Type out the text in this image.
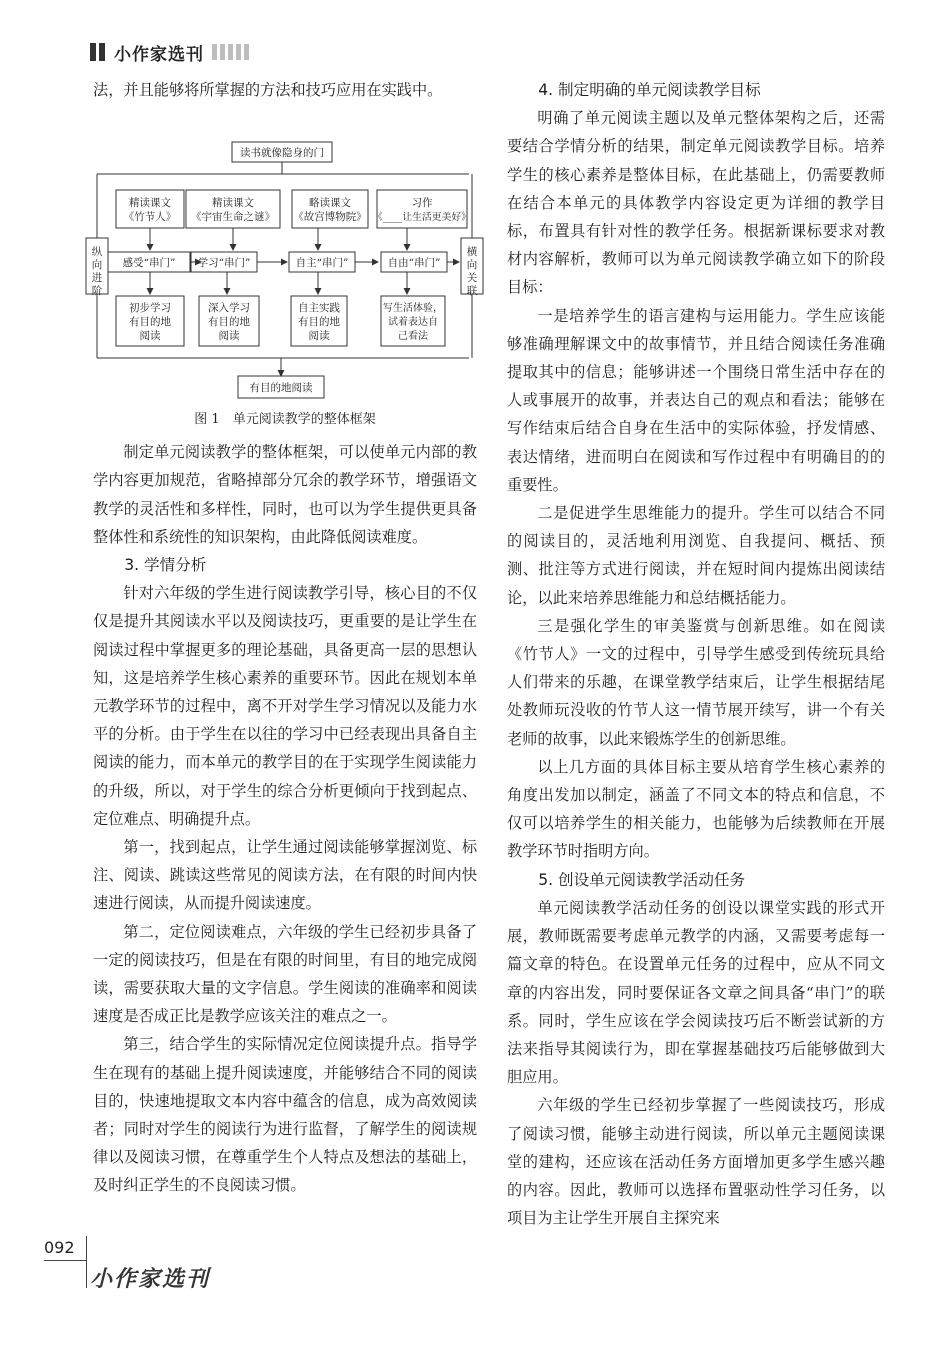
小作家选刊

法，并且能够将所掌握的方法和技巧应用在实践中。

读书就像隐身的门
有目的地阅读
纵
向
进
阶
横
向
关
联
精读课文
《竹节人》
感受“串门”
初步学习
有目的地
阅读
精读课文
《宇宙生命之谜》
学习“串门”
深入学习
有目的地
阅读
略读课文
《故宫博物院》
自主“串门”
自主实践
有目的地
阅读
习作
《____让生活更美好》
自由“串门”
写生活体验，
试着表达自
己看法
图 1　单元阅读教学的整体框架

制定单元阅读教学的整体框架，可以使单元内部的教学内容更加规范，省略掉部分冗余的教学环节，增强语文教学的灵活性和多样性，同时，也可以为学生提供更具备整体性和系统性的知识架构，由此降低阅读难度。

3. 学情分析

针对六年级的学生进行阅读教学引导，核心目的不仅仅是提升其阅读水平以及阅读技巧，更重要的是让学生在阅读过程中掌握更多的理论基础，具备更高一层的思想认知，这是培养学生核心素养的重要环节。因此在规划本单元教学环节的过程中，离不开对学生学习情况以及能力水平的分析。由于学生在以往的学习中已经表现出具备自主阅读的能力，而本单元的教学目的在于实现学生阅读能力的升级，所以，对于学生的综合分析更倾向于找到起点、定位难点、明确提升点。

第一，找到起点，让学生通过阅读能够掌握浏览、标注、阅读、跳读这些常见的阅读方法，在有限的时间内快速进行阅读，从而提升阅读速度。

第二，定位阅读难点，六年级的学生已经初步具备了一定的阅读技巧，但是在有限的时间里，有目的地完成阅读，需要获取大量的文字信息。学生阅读的准确率和阅读速度是否成正比是教学应该关注的难点之一。

第三，结合学生的实际情况定位阅读提升点。指导学生在现有的基础上提升阅读速度，并能够结合不同的阅读目的，快速地提取文本内容中蕴含的信息，成为高效阅读者；同时对学生的阅读行为进行监督，了解学生的阅读规律以及阅读习惯，在尊重学生个人特点及想法的基础上，及时纠正学生的不良阅读习惯。

4. 制定明确的单元阅读教学目标

明确了单元阅读主题以及单元整体架构之后，还需要结合学情分析的结果，制定单元阅读教学目标。培养学生的核心素养是整体目标，在此基础上，仍需要教师在结合本单元的具体教学内容设定更为详细的教学目标，布置具有针对性的教学任务。根据新课标要求对教材内容解析，教师可以为单元阅读教学确立如下的阶段目标：

一是培养学生的语言建构与运用能力。学生应该能够准确理解课文中的故事情节，并且结合阅读任务准确提取其中的信息；能够讲述一个围绕日常生活中存在的人或事展开的故事，并表达自己的观点和看法；能够在写作结束后结合自身在生活中的实际体验，抒发情感、表达情绪，进而明白在阅读和写作过程中有明确目的的重要性。

二是促进学生思维能力的提升。学生可以结合不同的阅读目的，灵活地利用浏览、自我提问、概括、预测、批注等方式进行阅读，并在短时间内提炼出阅读结论，以此来培养思维能力和总结概括能力。

三是强化学生的审美鉴赏与创新思维。如在阅读《竹节人》一文的过程中，引导学生感受到传统玩具给人们带来的乐趣，在课堂教学结束后，让学生根据结尾处教师玩没收的竹节人这一情节展开续写，讲一个有关老师的故事，以此来锻炼学生的创新思维。

以上几方面的具体目标主要从培育学生核心素养的角度出发加以制定，涵盖了不同文本的特点和信息，不仅可以培养学生的相关能力，也能够为后续教师在开展教学环节时指明方向。

5. 创设单元阅读教学活动任务

单元阅读教学活动任务的创设以课堂实践的形式开展，教师既需要考虑单元教学的内涵，又需要考虑每一篇文章的特色。在设置单元任务的过程中，应从不同文章的内容出发，同时要保证各文章之间具备“串门”的联系。同时，学生应该在学会阅读技巧后不断尝试新的方法来指导其阅读行为，即在掌握基础技巧后能够做到大胆应用。

六年级的学生已经初步掌握了一些阅读技巧，形成了阅读习惯，能够主动进行阅读，所以单元主题阅读课堂的建构，还应该在活动任务方面增加更多学生感兴趣的内容。因此，教师可以选择布置驱动性学习任务，以项目为主让学生开展自主探究来

092
小作家选刊
